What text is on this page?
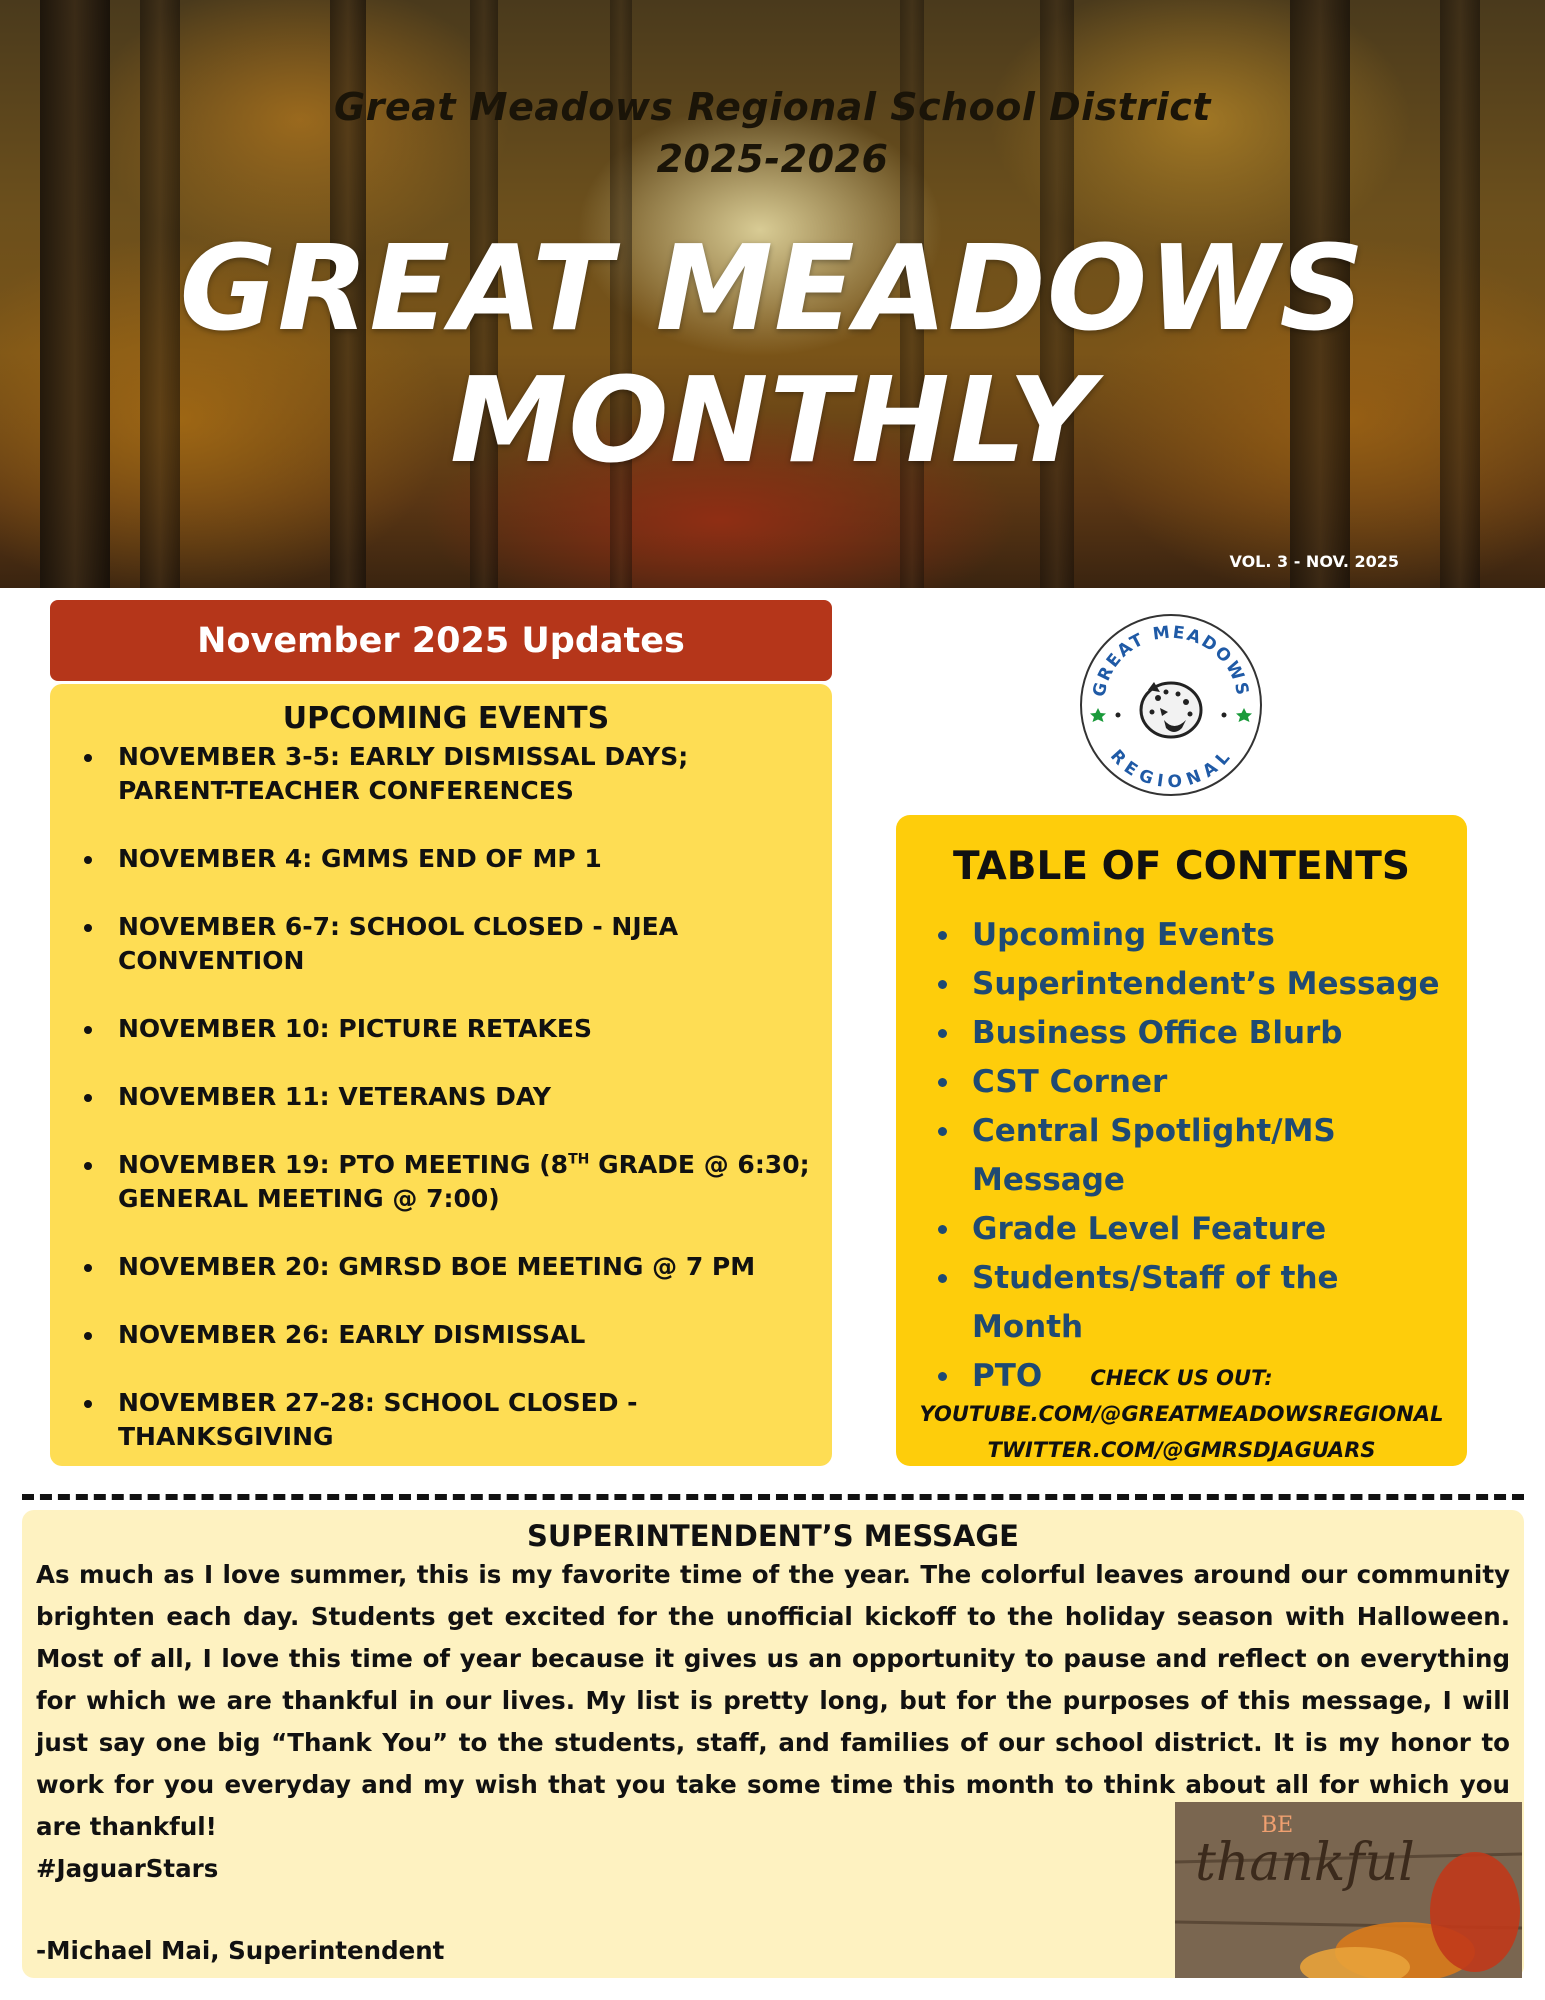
Great Meadows Regional School District
2025-2026
GREAT MEADOWS
MONTHLY
VOL. 3 - NOV. 2025
November 2025 Updates
UPCOMING EVENTS
NOVEMBER 3-5: EARLY DISMISSAL DAYS; PARENT-TEACHER CONFERENCES
NOVEMBER 4: GMMS END OF MP 1
NOVEMBER 6-7: SCHOOL CLOSED - NJEA CONVENTION
NOVEMBER 10: PICTURE RETAKES
NOVEMBER 11: VETERANS DAY
NOVEMBER 19: PTO MEETING (8TH GRADE @ 6:30; GENERAL MEETING @ 7:00)
NOVEMBER 20: GMRSD BOE MEETING @ 7 PM
NOVEMBER 26: EARLY DISMISSAL
NOVEMBER 27-28: SCHOOL CLOSED - THANKSGIVING
GREAT MEADOWS
REGIONAL
TABLE OF CONTENTS
Upcoming Events
Superintendent’s Message
Business Office Blurb
CST Corner
Central Spotlight/MS Message
Grade Level Feature
Students/Staff of the Month
PTO	CHECK US OUT:
YOUTUBE.COM/@GREATMEADOWSREGIONAL
TWITTER.COM/@GMRSDJAGUARS
SUPERINTENDENT’S MESSAGE
As much as I love summer, this is my favorite time of the year. The colorful leaves around our community brighten each day. Students get excited for the unofficial kickoff to the holiday season with Halloween. Most of all, I love this time of year because it gives us an opportunity to pause and reflect on everything for which we are thankful in our lives. My list is pretty long, but for the purposes of this message, I will just say one big “Thank You” to the students, staff, and families of our school district. It is my honor to work for you everyday and my wish that you take some time this month to think about all for which you are thankful!
#JaguarStars
-Michael Mai, Superintendent
BE
thankful
